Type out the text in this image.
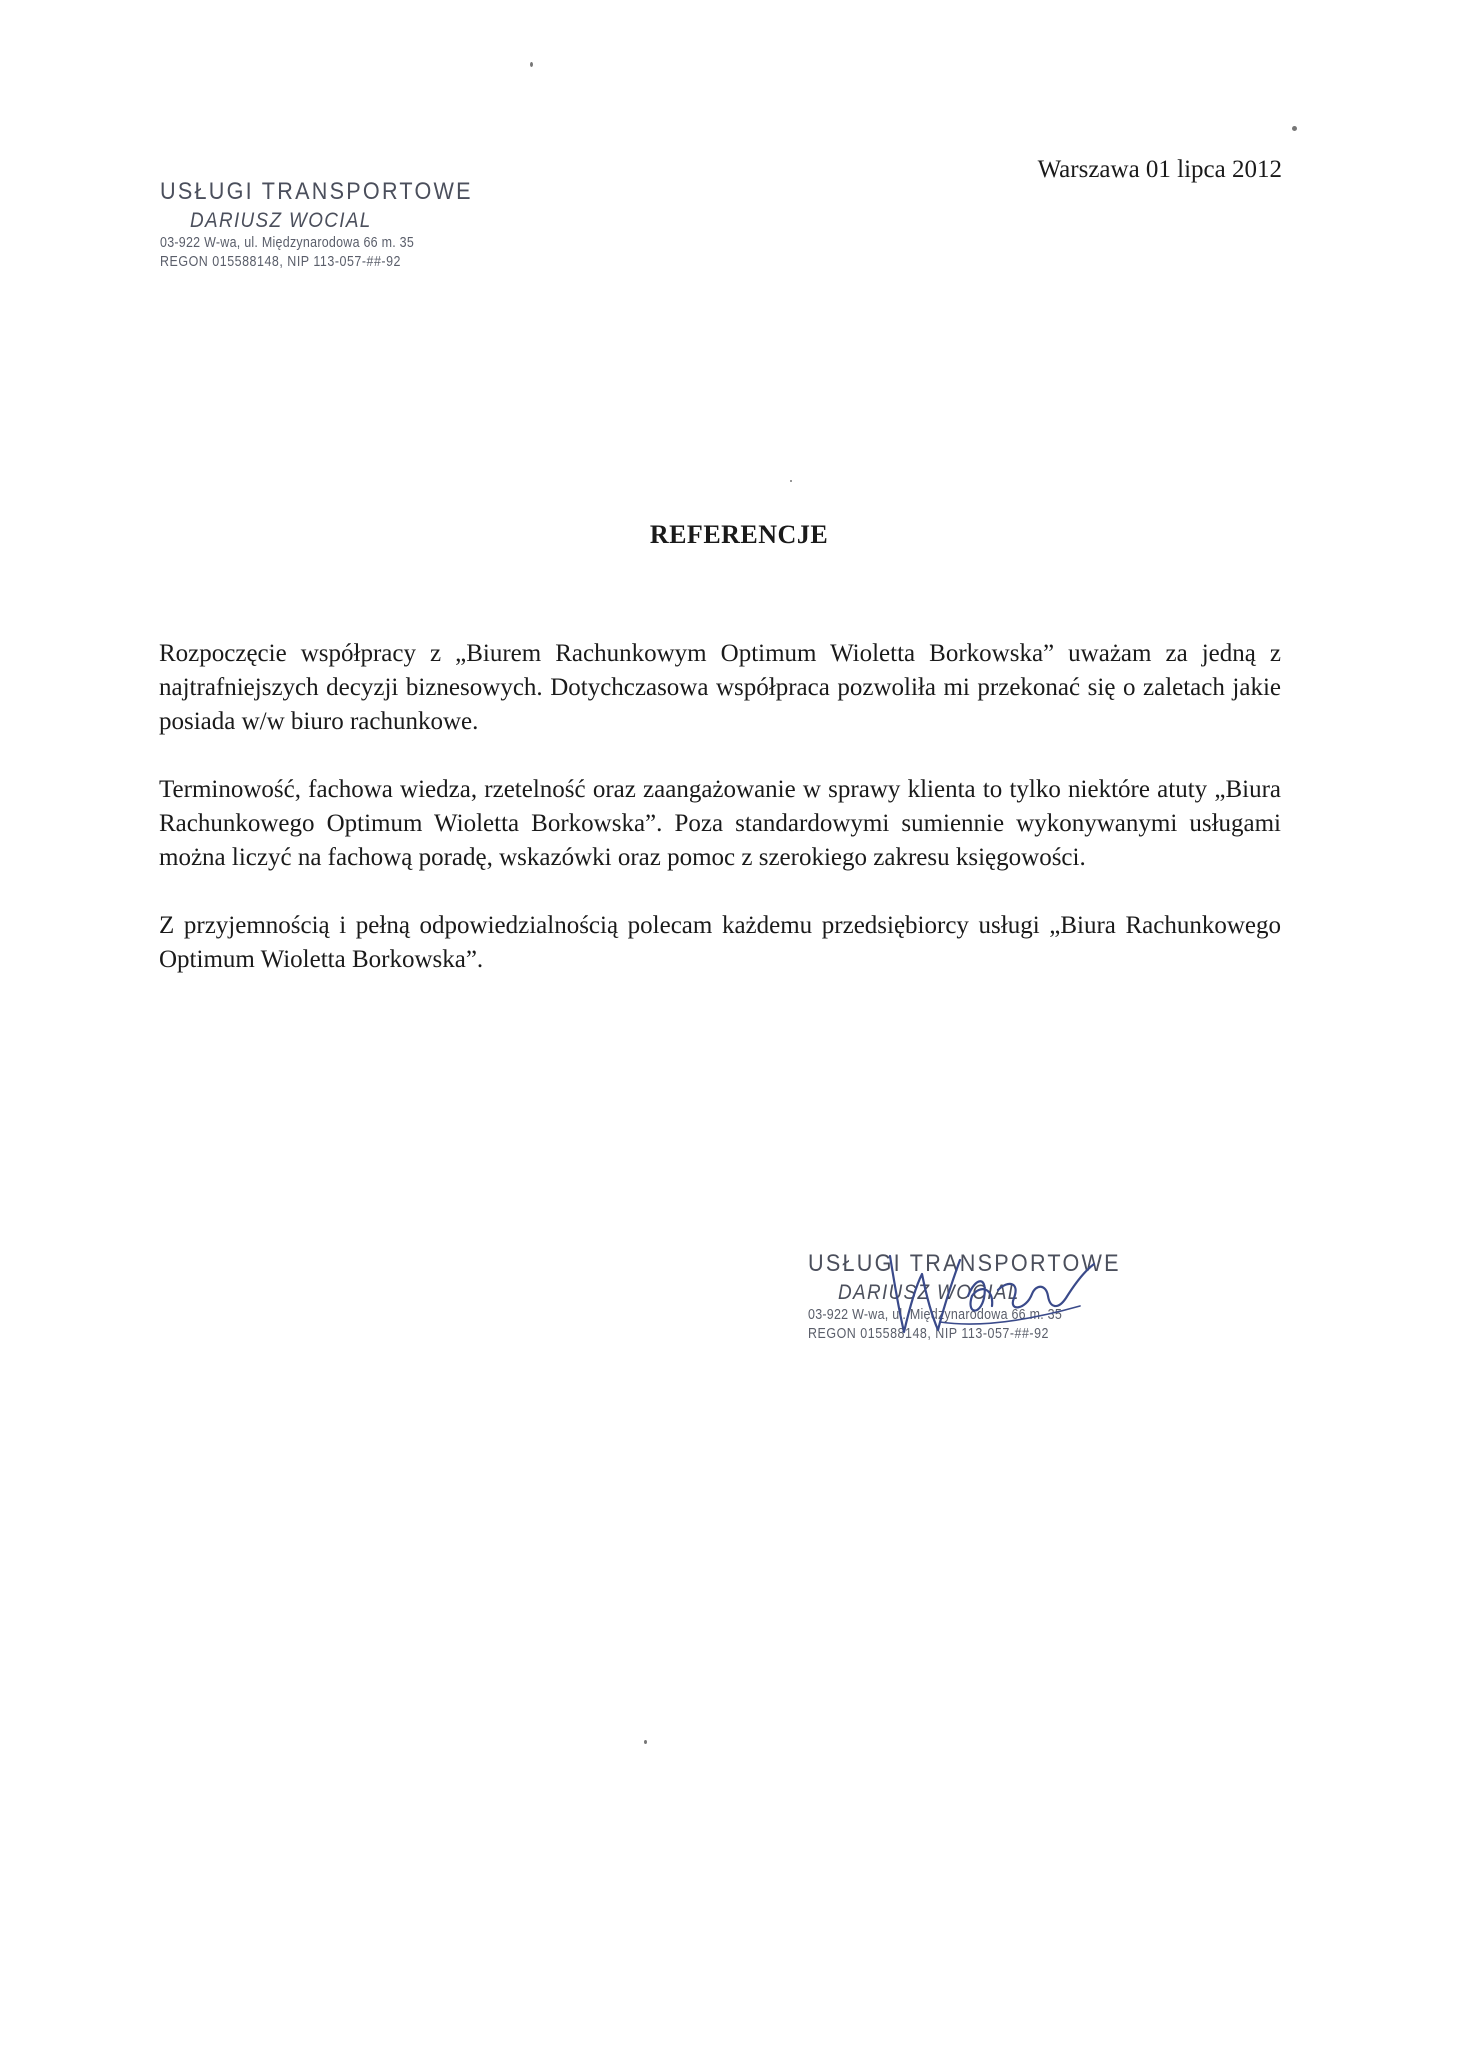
USŁUGI TRANSPORTOWE
DARIUSZ WOCIAL
03-922 W-wa, ul. Międzynarodowa 66 m. 35
REGON 015588148, NIP 113-057-##-92
Warszawa 01 lipca 2012
REFERENCJE

Rozpoczęcie współpracy z „Biurem Rachunkowym Optimum Wioletta Borkowska” uważam za jedną z najtrafniejszych decyzji biznesowych. Dotychczasowa współpraca pozwoliła mi przekonać się o zaletach jakie posiada w/w biuro rachunkowe.

Terminowość, fachowa wiedza, rzetelność oraz zaangażowanie w sprawy klienta to tylko niektóre atuty „Biura Rachunkowego Optimum Wioletta Borkowska”. Poza standardowymi sumiennie wykonywanymi usługami można liczyć na fachową poradę, wskazówki oraz pomoc z szerokiego zakresu księgowości.

Z przyjemnością i pełną odpowiedzialnością polecam każdemu przedsiębiorcy usługi „Biura Rachunkowego Optimum Wioletta Borkowska”.

USŁUGI TRANSPORTOWE
DARIUSZ WOCIAL
03-922 W-wa, ul. Międzynarodowa 66 m. 35
REGON 015588148, NIP 113-057-##-92
